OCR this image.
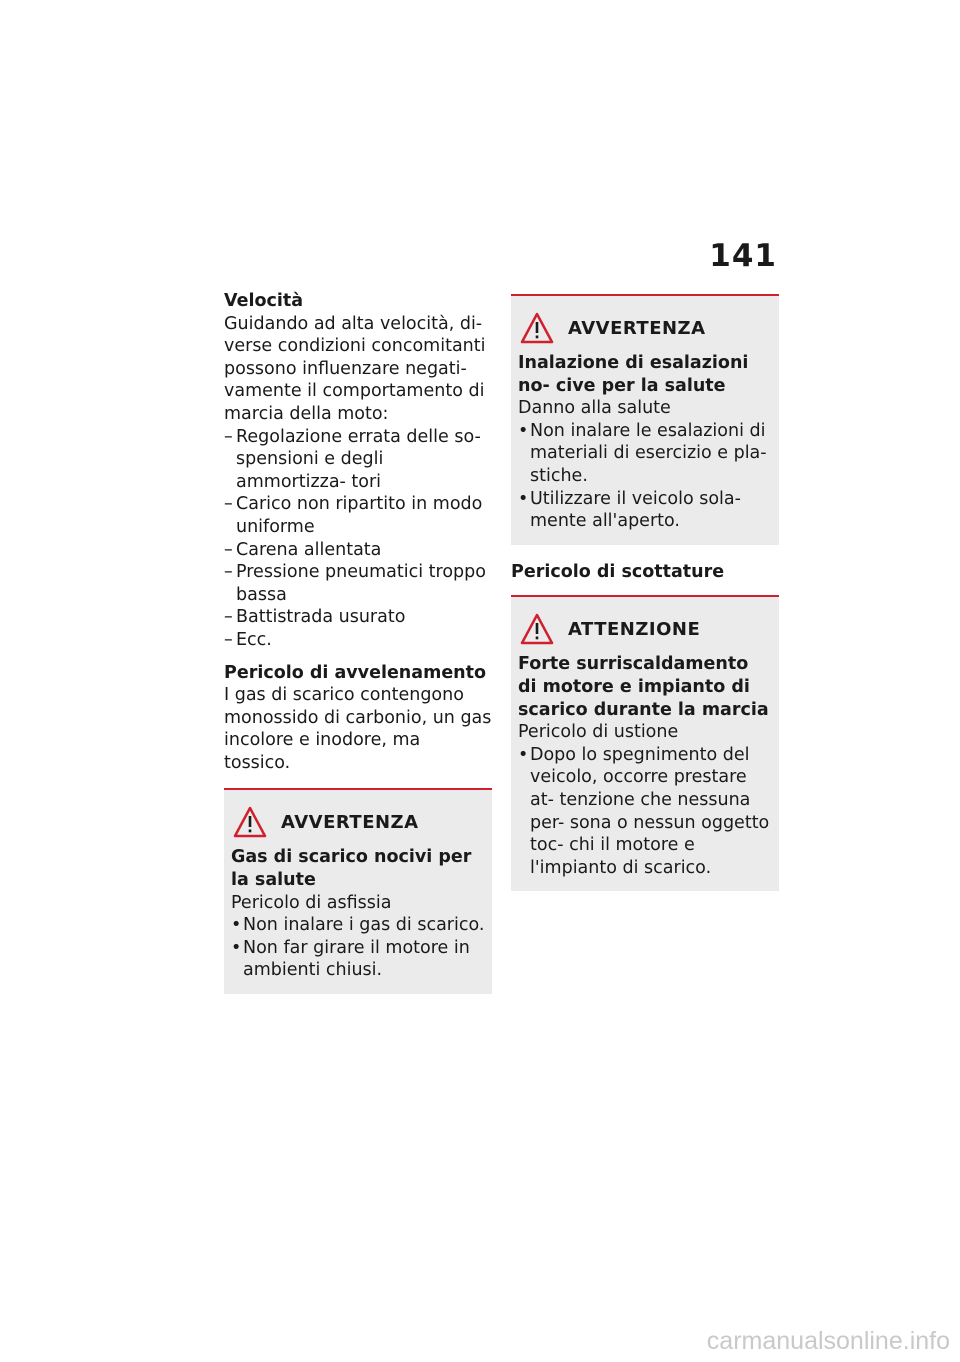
141

Velocità

Guidando ad alta velocità, di- verse condizioni concomitanti possono influenzare negati- vamente il comportamento di marcia della moto:

– Regolazione errata delle so- spensioni e degli ammortizza- tori
– Carico non ripartito in modo uniforme
– Carena allentata
– Pressione pneumatici troppo bassa
– Battistrada usurato
– Ecc.

Pericolo di avvelenamento

I gas di scarico contengono monossido di carbonio, un gas incolore e inodore, ma tossico.

AVVERTENZA

Gas di scarico nocivi per la salute

Pericolo di asfissia

• Non inalare i gas di scarico.
• Non far girare il motore in ambienti chiusi.
AVVERTENZA

Inalazione di esalazioni no- cive per la salute

Danno alla salute

• Non inalare le esalazioni di materiali di esercizio e pla- stiche.
• Utilizzare il veicolo sola- mente all'aperto.

Pericolo di scottature

ATTENZIONE

Forte surriscaldamento di motore e impianto di scarico durante la marcia

Pericolo di ustione

• Dopo lo spegnimento del veicolo, occorre prestare at- tenzione che nessuna per- sona o nessun oggetto toc- chi il motore e l'impianto di scarico.
carmanualsonline.info
